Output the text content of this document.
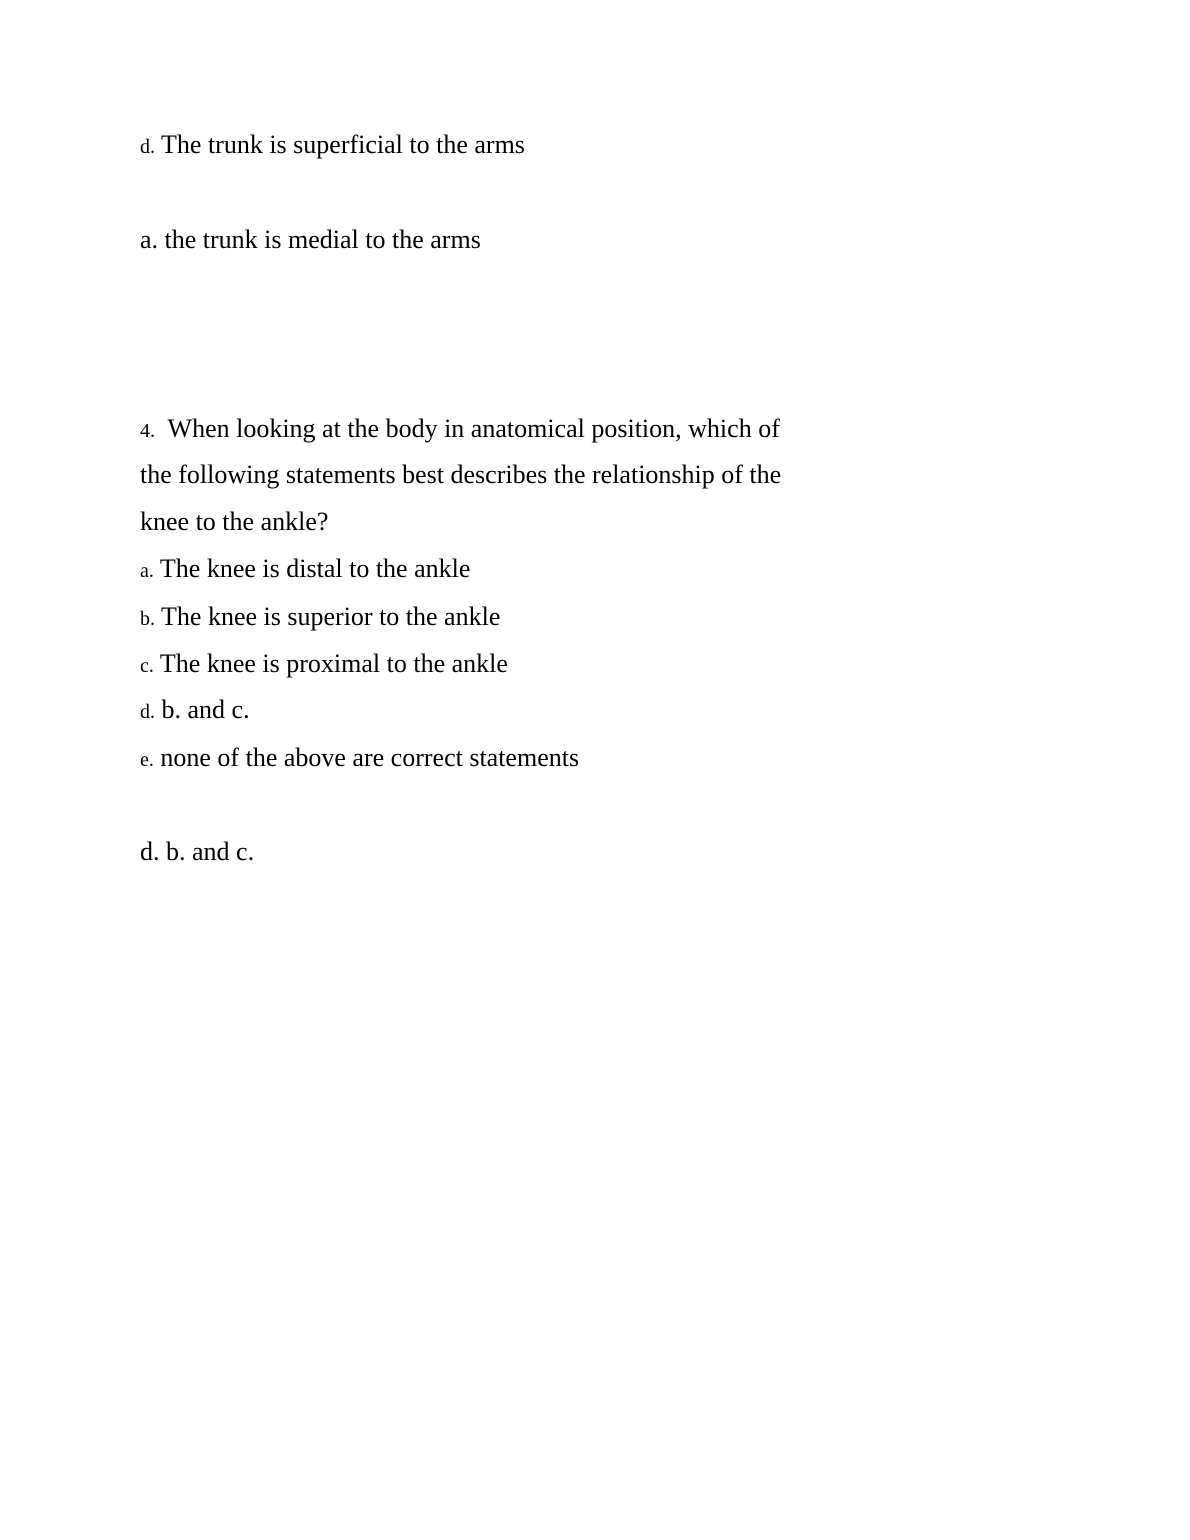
d. The trunk is superficial to the arms
a. the trunk is medial to the arms
4. When looking at the body in anatomical position, which of
the following statements best describes the relationship of the
knee to the ankle?
a. The knee is distal to the ankle
b. The knee is superior to the ankle
c. The knee is proximal to the ankle
d. b. and c.
e. none of the above are correct statements
d. b. and c.
